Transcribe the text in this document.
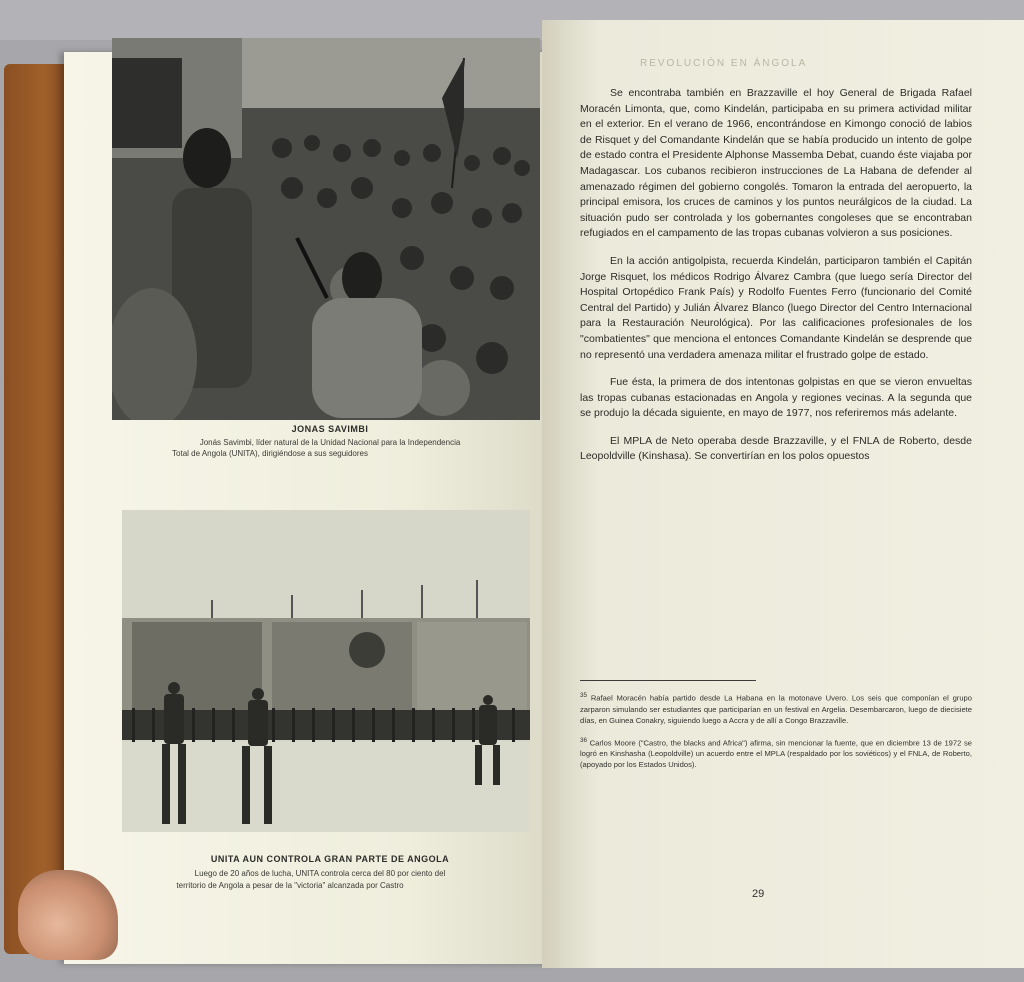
JONAS SAVIMBI
Jonás Savimbi, líder natural de la Unidad Nacional para la Independencia
Total de Angola (UNITA), dirigiéndose a sus seguidores
UNITA AUN CONTROLA GRAN PARTE DE ANGOLA
Luego de 20 años de lucha, UNITA controla cerca del 80 por ciento del
territorio de Angola a pesar de la "victoria" alcanzada por Castro
REVOLUCIÓN EN ÁNGOLA

Se encontraba también en Brazzaville el hoy General de Brigada Rafael Moracén Limonta, que, como Kindelán, participaba en su primera actividad militar en el exterior. En el verano de 1966, encontrándose en Kimongo conoció de labios de Risquet y del Comandante Kindelán que se había producido un intento de golpe de estado contra el Presidente Alphonse Massemba Debat, cuando éste viajaba por Madagascar. Los cubanos recibieron instrucciones de La Habana de defender al amenazado régimen del gobierno congolés. Tomaron la entrada del aeropuerto, la principal emisora, los cruces de caminos y los puntos neurálgicos de la ciudad. La situación pudo ser controlada y los gobernantes congoleses que se encontraban refugiados en el campamento de las tropas cubanas volvieron a sus posiciones.

En la acción antigolpista, recuerda Kindelán, participaron también el Capitán Jorge Risquet, los médicos Rodrigo Álvarez Cambra (que luego sería Director del Hospital Ortopédico Frank País) y Rodolfo Fuentes Ferro (funcionario del Comité Central del Partido) y Julián Álvarez Blanco (luego Director del Centro Internacional para la Restauración Neurológica). Por las calificaciones profesionales de los "combatientes" que menciona el entonces Comandante Kindelán se desprende que no representó una verdadera amenaza militar el frustrado golpe de estado.

Fue ésta, la primera de dos intentonas golpistas en que se vieron envueltas las tropas cubanas estacionadas en Angola y regiones vecinas. A la segunda que se produjo la década siguiente, en mayo de 1977, nos referiremos más adelante.

El MPLA de Neto operaba desde Brazzaville, y el FNLA de Roberto, desde Leopoldville (Kinshasa). Se convertirían en los polos opuestos

$^{35}$ Rafael Moracén había partido desde La Habana en la motonave Uvero. Los seis que componían el grupo zarparon simulando ser estudiantes que participarían en un festival en Argelia. Desembarcaron, luego de diecisiete días, en Guinea Conakry, siguiendo luego a Accra y de allí a Congo Brazzaville.

$^{36}$ Carlos Moore ("Castro, the blacks and Africa") afirma, sin mencionar la fuente, que en diciembre 13 de 1972 se logró en Kinshasha (Leopoldville) un acuerdo entre el MPLA (respaldado por los soviéticos) y el FNLA, de Roberto, (apoyado por los Estados Unidos).

29
